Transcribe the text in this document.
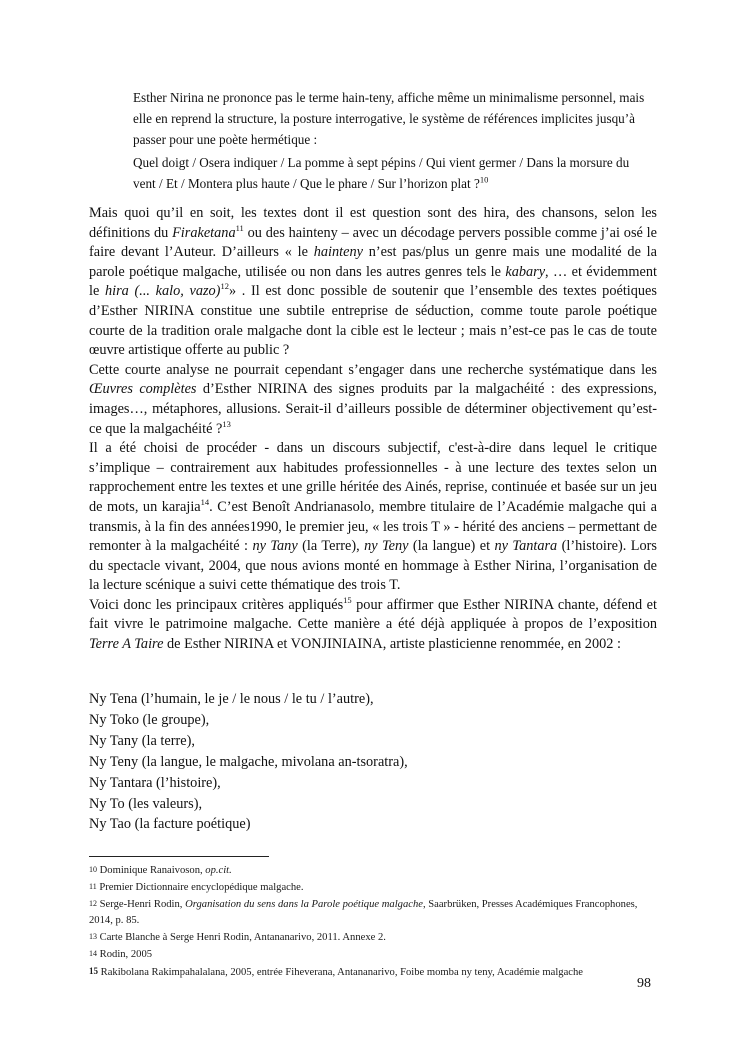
Esther Nirina ne prononce pas le terme hain-teny, affiche même un minimalisme personnel, mais elle en reprend la structure, la posture interrogative, le système de références implicites jusqu’à passer pour une poète hermétique :
Quel doigt / Osera indiquer / La pomme à sept pépins / Qui vient germer / Dans la morsure du vent / Et / Montera plus haute / Que le phare / Sur l’horizon plat ?$^{10}$
Mais quoi qu’il en soit, les textes dont il est question sont des hira, des chansons, selon les définitions du Firaketana$^{11}$ ou des hainteny – avec un décodage pervers possible comme j’ai osé le faire devant l’Auteur. D’ailleurs « le hainteny n’est pas/plus un genre mais une modalité de la parole poétique malgache, utilisée ou non dans les autres genres tels le kabary, … et évidemment le hira (... kalo, vazo)$^{12}$» . Il est donc possible de soutenir que l’ensemble des textes poétiques d’Esther NIRINA constitue une subtile entreprise de séduction, comme toute parole poétique courte de la tradition orale malgache dont la cible est le lecteur ; mais n’est-ce pas le cas de toute œuvre artistique offerte au public ?
Cette courte analyse ne pourrait cependant s’engager dans une recherche systématique dans les Œuvres complètes d’Esther NIRINA des signes produits par la malgachéité : des expressions, images…, métaphores, allusions. Serait-il d’ailleurs possible de déterminer objectivement qu’est-ce que la malgachéité ?$^{13}$
Il a été choisi de procéder - dans un discours subjectif, c'est-à-dire dans lequel le critique s’implique – contrairement aux habitudes professionnelles - à une lecture des textes selon un rapprochement entre les textes et une grille héritée des Ainés, reprise, continuée et basée sur un jeu de mots, un karajia$^{14}$. C’est Benoît Andrianasolo, membre titulaire de l’Académie malgache qui a transmis, à la fin des années1990, le premier jeu, « les trois T » - hérité des anciens – permettant de remonter à la malgachéité : ny Tany (la Terre), ny Teny (la langue) et ny Tantara (l’histoire). Lors du spectacle vivant, 2004, que nous avions monté en hommage à Esther Nirina, l’organisation de la lecture scénique a suivi cette thématique des trois T.
Voici donc les principaux critères appliqués$^{15}$ pour affirmer que Esther NIRINA chante, défend et fait vivre le patrimoine malgache. Cette manière a été déjà appliquée à propos de l’exposition Terre A Taire de Esther NIRINA et VONJINIAINA, artiste plasticienne renommée, en 2002 :
Ny Tena (l’humain, le je / le nous / le tu / l’autre),
Ny Toko (le groupe),
Ny Tany (la terre),
Ny Teny (la langue, le malgache, mivolana an-tsoratra),
Ny Tantara (l’histoire),
Ny To (les valeurs),
Ny Tao (la facture poétique)
10 Dominique Ranaivoson, op.cit.
11 Premier Dictionnaire encyclopédique malgache.
12 Serge-Henri Rodin, Organisation du sens dans la Parole poétique malgache, Saarbrüken, Presses Académiques Francophones, 2014, p. 85.
13 Carte Blanche à Serge Henri Rodin, Antananarivo, 2011. Annexe 2.
14 Rodin, 2005
15 Rakibolana Rakimpahalalana, 2005, entrée Fiheverana, Antananarivo, Foibe momba ny teny, Académie malgache
98
